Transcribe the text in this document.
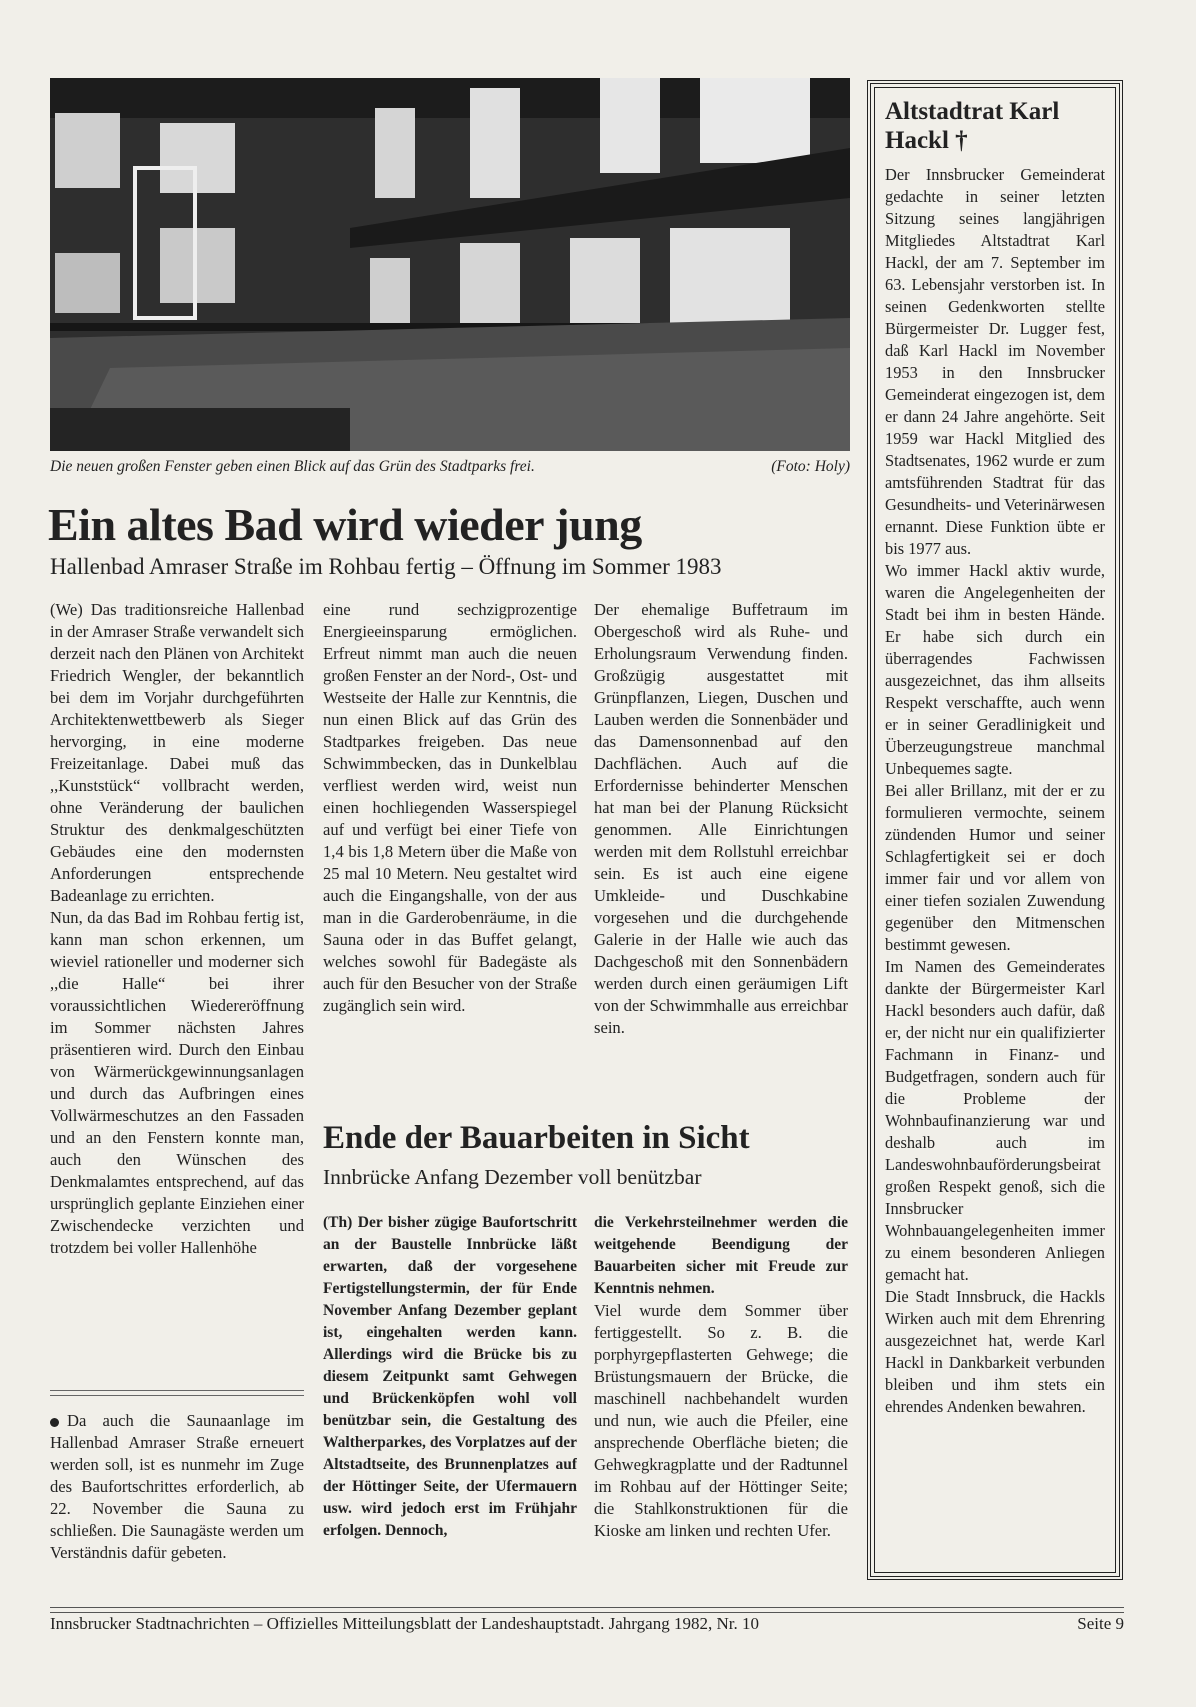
Die neuen großen Fenster geben einen Blick auf das Grün des Stadtparks frei.	(Foto: Holy)
Ein altes Bad wird wieder jung
Hallenbad Amraser Straße im Rohbau fertig – Öffnung im Sommer 1983

(We) Das traditionsreiche Hallenbad in der Amraser Straße verwandelt sich derzeit nach den Plänen von Architekt Friedrich Wengler, der bekanntlich bei dem im Vorjahr durchgeführten Architektenwettbewerb als Sieger hervorging, in eine moderne Freizeitanlage. Dabei muß das ,,Kunststück“ vollbracht werden, ohne Veränderung der baulichen Struktur des denkmalgeschützten Gebäudes eine den modernsten Anforderungen entsprechende Badeanlage zu errichten.

Nun, da das Bad im Rohbau fertig ist, kann man schon erkennen, um wieviel rationeller und moderner sich ,,die Halle“ bei ihrer voraussichtlichen Wiedereröffnung im Sommer nächsten Jahres präsentieren wird. Durch den Einbau von Wärmerückgewinnungsanlagen und durch das Aufbringen eines Vollwärmeschutzes an den Fassaden und an den Fenstern konnte man, auch den Wünschen des Denkmalamtes entsprechend, auf das ursprünglich geplante Einziehen einer Zwischendecke verzichten und trotzdem bei voller Hallenhöhe

eine rund sechzigprozentige Energieeinsparung ermöglichen. Erfreut nimmt man auch die neuen großen Fenster an der Nord-, Ost- und Westseite der Halle zur Kenntnis, die nun einen Blick auf das Grün des Stadtparkes freigeben. Das neue Schwimmbecken, das in Dunkelblau verfliest werden wird, weist nun einen hochliegenden Wasserspiegel auf und verfügt bei einer Tiefe von 1,4 bis 1,8 Metern über die Maße von 25 mal 10 Metern. Neu gestaltet wird auch die Eingangshalle, von der aus man in die Garderobenräume, in die Sauna oder in das Buffet gelangt, welches sowohl für Badegäste als auch für den Besucher von der Straße zugänglich sein wird.

Der ehemalige Buffetraum im Obergeschoß wird als Ruhe- und Erholungsraum Verwendung finden. Großzügig ausgestattet mit Grünpflanzen, Liegen, Duschen und Lauben werden die Sonnenbäder und das Damensonnenbad auf den Dachflächen. Auch auf die Erfordernisse behinderter Menschen hat man bei der Planung Rücksicht genommen. Alle Einrichtungen werden mit dem Rollstuhl erreichbar sein. Es ist auch eine eigene Umkleide- und Duschkabine vorgesehen und die durchgehende Galerie in der Halle wie auch das Dachgeschoß mit den Sonnenbädern werden durch einen geräumigen Lift von der Schwimmhalle aus erreichbar sein.

Da auch die Saunaanlage im Hallenbad Amraser Straße erneuert werden soll, ist es nunmehr im Zuge des Baufortschrittes erforderlich, ab 22. November die Sauna zu schließen. Die Saunagäste werden um Verständnis dafür gebeten.

Ende der Bauarbeiten in Sicht
Innbrücke Anfang Dezember voll benützbar

(Th) Der bisher zügige Baufortschritt an der Baustelle Innbrücke läßt erwarten, daß der vorgesehene Fertigstellungstermin, der für Ende November Anfang Dezember geplant ist, eingehalten werden kann. Allerdings wird die Brücke bis zu diesem Zeitpunkt samt Gehwegen und Brückenköpfen wohl voll benützbar sein, die Gestaltung des Waltherparkes, des Vorplatzes auf der Altstadtseite, des Brunnenplatzes auf der Höttinger Seite, der Ufermauern usw. wird jedoch erst im Frühjahr erfolgen. Dennoch,

die Verkehrsteilnehmer werden die weitgehende Beendigung der Bauarbeiten sicher mit Freude zur Kenntnis nehmen.

Viel wurde dem Sommer über fertiggestellt. So z. B. die porphyrgepflasterten Gehwege; die Brüstungsmauern der Brücke, die maschinell nachbehandelt wurden und nun, wie auch die Pfeiler, eine ansprechende Oberfläche bieten; die Gehwegkragplatte und der Radtunnel im Rohbau auf der Höttinger Seite; die Stahlkonstruktionen für die Kioske am linken und rechten Ufer.

Altstadtrat Karl Hackl †

Der Innsbrucker Gemeinderat gedachte in seiner letzten Sitzung seines langjährigen Mitgliedes Altstadtrat Karl Hackl, der am 7. September im 63. Lebensjahr verstorben ist. In seinen Gedenkworten stellte Bürgermeister Dr. Lugger fest, daß Karl Hackl im November 1953 in den Innsbrucker Gemeinderat eingezogen ist, dem er dann 24 Jahre angehörte. Seit 1959 war Hackl Mitglied des Stadtsenates, 1962 wurde er zum amtsführenden Stadtrat für das Gesundheits- und Veterinärwesen ernannt. Diese Funktion übte er bis 1977 aus.

Wo immer Hackl aktiv wurde, waren die Angelegenheiten der Stadt bei ihm in besten Hände. Er habe sich durch ein überragendes Fachwissen ausgezeichnet, das ihm allseits Respekt verschaffte, auch wenn er in seiner Geradlinigkeit und Überzeugungstreue manchmal Unbequemes sagte.

Bei aller Brillanz, mit der er zu formulieren vermochte, seinem zündenden Humor und seiner Schlagfertigkeit sei er doch immer fair und vor allem von einer tiefen sozialen Zuwendung gegenüber den Mitmenschen bestimmt gewesen.

Im Namen des Gemeinderates dankte der Bürgermeister Karl Hackl besonders auch dafür, daß er, der nicht nur ein qualifizierter Fachmann in Finanz- und Budgetfragen, sondern auch für die Probleme der Wohnbaufinanzierung war und deshalb auch im Landeswohnbauförderungsbeirat großen Respekt genoß, sich die Innsbrucker Wohnbauangelegenheiten immer zu einem besonderen Anliegen gemacht hat.

Die Stadt Innsbruck, die Hackls Wirken auch mit dem Ehrenring ausgezeichnet hat, werde Karl Hackl in Dankbarkeit verbunden bleiben und ihm stets ein ehrendes Andenken bewahren.

Innsbrucker Stadtnachrichten – Offizielles Mitteilungsblatt der Landeshauptstadt. Jahrgang 1982, Nr. 10	Seite 9
